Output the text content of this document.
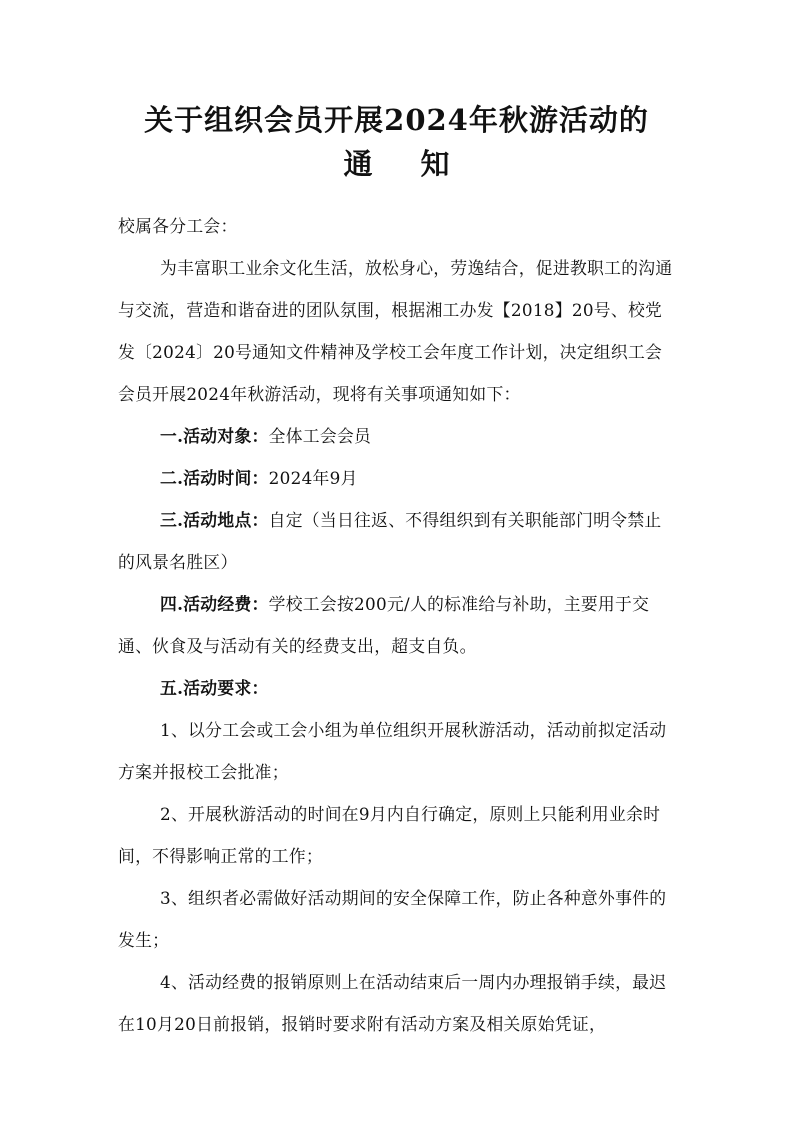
关于组织会员开展2024年秋游活动的
通知

校属各分工会：

为丰富职工业余文化生活，放松身心，劳逸结合，促进教职工的沟通与交流，营造和谐奋进的团队氛围，根据湘工办发【2018】20号、校党发〔2024〕20号通知文件精神及学校工会年度工作计划，决定组织工会会员开展2024年秋游活动，现将有关事项通知如下：

一.活动对象：全体工会会员

二.活动时间：2024年9月

三.活动地点：自定（当日往返、不得组织到有关职能部门明令禁止的风景名胜区）

四.活动经费：学校工会按200元/人的标准给与补助，主要用于交通、伙食及与活动有关的经费支出，超支自负。

五.活动要求：

1、以分工会或工会小组为单位组织开展秋游活动，活动前拟定活动方案并报校工会批准；

2、开展秋游活动的时间在9月内自行确定，原则上只能利用业余时间，不得影响正常的工作；

3、组织者必需做好活动期间的安全保障工作，防止各种意外事件的发生；

4、活动经费的报销原则上在活动结束后一周内办理报销手续，最迟在10月20日前报销，报销时要求附有活动方案及相关原始凭证，
